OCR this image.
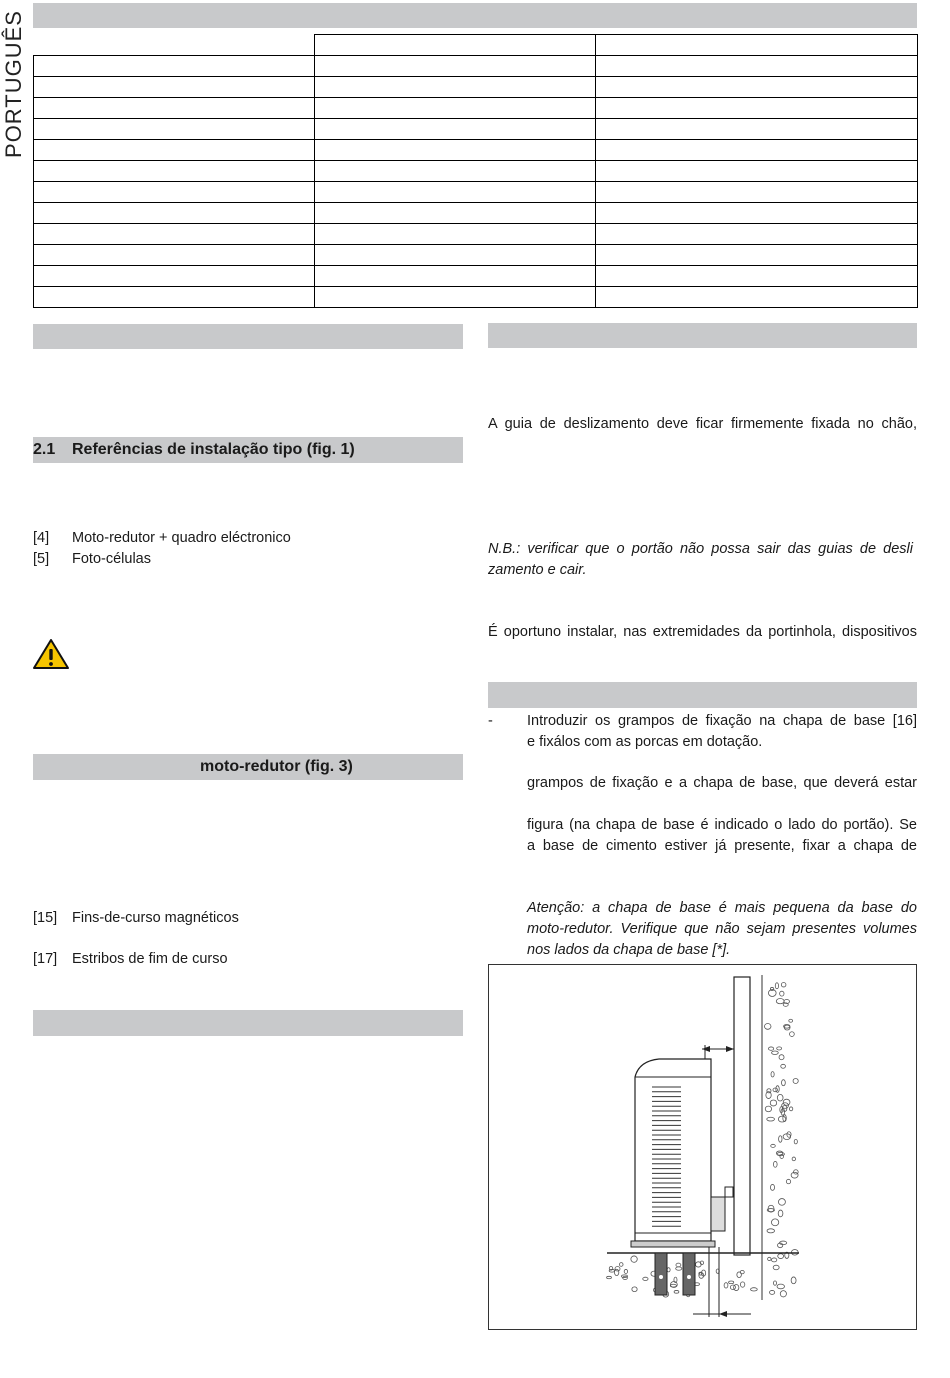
PORTUGUÊS

2.1 Referências de instalação tipo (fig. 1)
[4] Moto-redutor + quadro eléctronico
[5] Foto-células
moto-redutor (fig. 3)
[15] Fins-de-curso magnéticos
[17] Estribos de fim de curso
A guia de deslizamento deve ficar firmemente fixada no chão,
N.B.: verificar que o portão não possa sair das guias de desli
zamento e cair.
É oportuno instalar, nas extremidades da portinhola, dispositivos
- Introduzir os grampos de fixação na chapa de base [16]
e fixálos com as porcas em dotação.
grampos de fixação e a chapa de base, que deverá estar
figura (na chapa de base é indicado o lado do portão). Se
a base de cimento estiver já presente, fixar a chapa de
Atenção: a chapa de base é mais pequena da base do
moto-redutor. Verifique que não sejam presentes volumes
nos lados da chapa de base [*].
